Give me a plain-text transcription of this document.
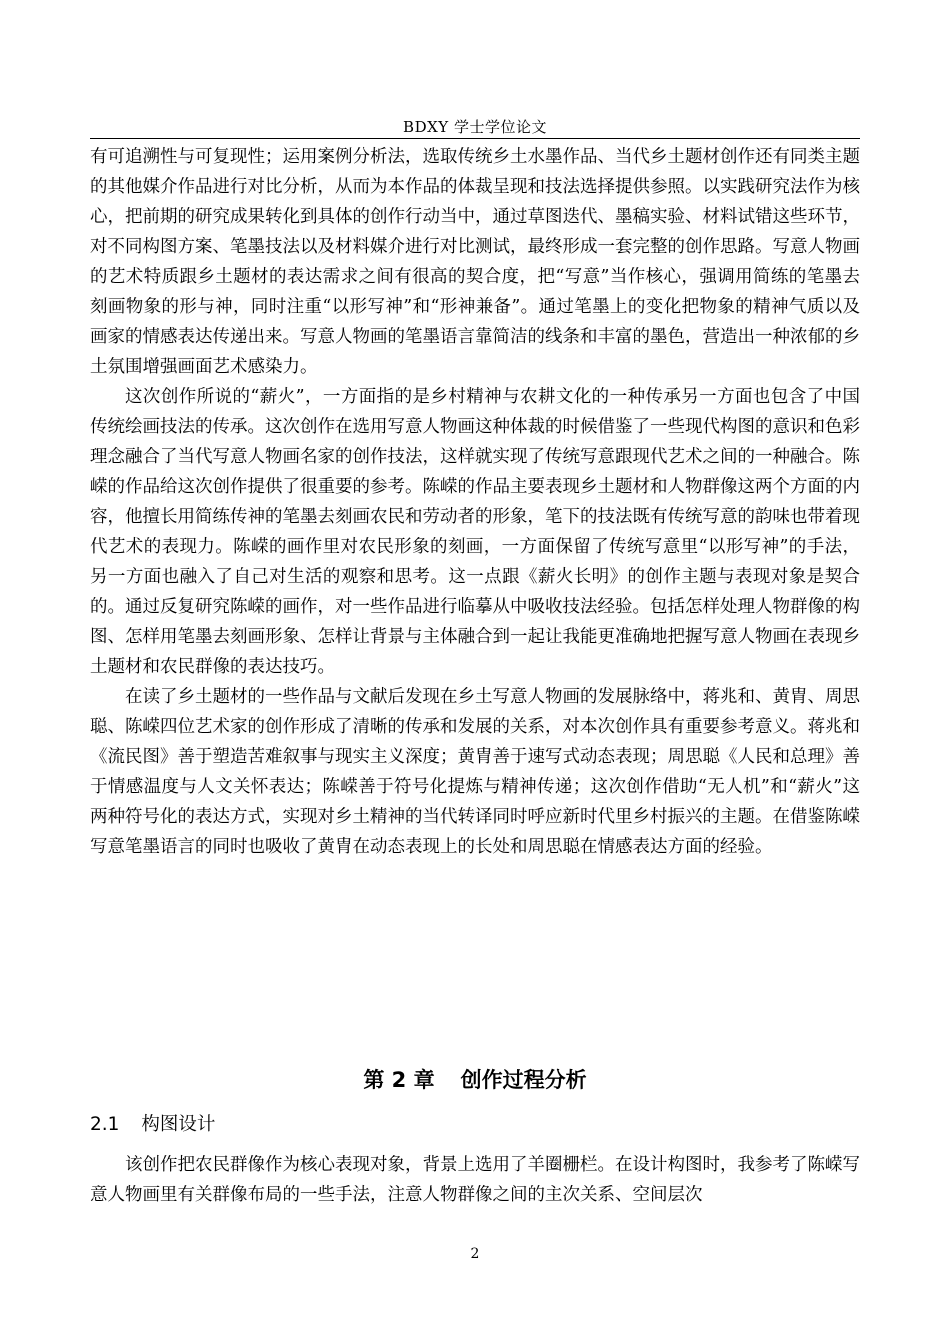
BDXY 学士学位论文

有可追溯性与可复现性；运用案例分析法，选取传统乡土水墨作品、当代乡土题材创作还有同类主题的其他媒介作品进行对比分析，从而为本作品的体裁呈现和技法选择提供参照。以实践研究法作为核心，把前期的研究成果转化到具体的创作行动当中，通过草图迭代、墨稿实验、材料试错这些环节，对不同构图方案、笔墨技法以及材料媒介进行对比测试，最终形成一套完整的创作思路。写意人物画的艺术特质跟乡土题材的表达需求之间有很高的契合度，把“写意”当作核心，强调用简练的笔墨去刻画物象的形与神，同时注重“以形写神”和“形神兼备”。通过笔墨上的变化把物象的精神气质以及画家的情感表达传递出来。写意人物画的笔墨语言靠简洁的线条和丰富的墨色，营造出一种浓郁的乡土氛围增强画面艺术感染力。

这次创作所说的“薪火”，一方面指的是乡村精神与农耕文化的一种传承另一方面也包含了中国传统绘画技法的传承。这次创作在选用写意人物画这种体裁的时候借鉴了一些现代构图的意识和色彩理念融合了当代写意人物画名家的创作技法，这样就实现了传统写意跟现代艺术之间的一种融合。陈嵘的作品给这次创作提供了很重要的参考。陈嵘的作品主要表现乡土题材和人物群像这两个方面的内容，他擅长用简练传神的笔墨去刻画农民和劳动者的形象，笔下的技法既有传统写意的韵味也带着现代艺术的表现力。陈嵘的画作里对农民形象的刻画，一方面保留了传统写意里“以形写神”的手法，另一方面也融入了自己对生活的观察和思考。这一点跟《薪火长明》的创作主题与表现对象是契合的。通过反复研究陈嵘的画作，对一些作品进行临摹从中吸收技法经验。包括怎样处理人物群像的构图、怎样用笔墨去刻画形象、怎样让背景与主体融合到一起让我能更准确地把握写意人物画在表现乡土题材和农民群像的表达技巧。

在读了乡土题材的一些作品与文献后发现在乡土写意人物画的发展脉络中，蒋兆和、黄胄、周思聪、陈嵘四位艺术家的创作形成了清晰的传承和发展的关系，对本次创作具有重要参考意义。蒋兆和《流民图》善于塑造苦难叙事与现实主义深度；黄胄善于速写式动态表现；周思聪《人民和总理》善于情感温度与人文关怀表达；陈嵘善于符号化提炼与精神传递；这次创作借助“无人机”和“薪火”这两种符号化的表达方式，实现对乡土精神的当代转译同时呼应新时代里乡村振兴的主题。在借鉴陈嵘写意笔墨语言的同时也吸收了黄胄在动态表现上的长处和周思聪在情感表达方面的经验。

第 2 章 创作过程分析
2.1 构图设计

该创作把农民群像作为核心表现对象，背景上选用了羊圈栅栏。在设计构图时，我参考了陈嵘写意人物画里有关群像布局的一些手法，注意人物群像之间的主次关系、空间层次

2
